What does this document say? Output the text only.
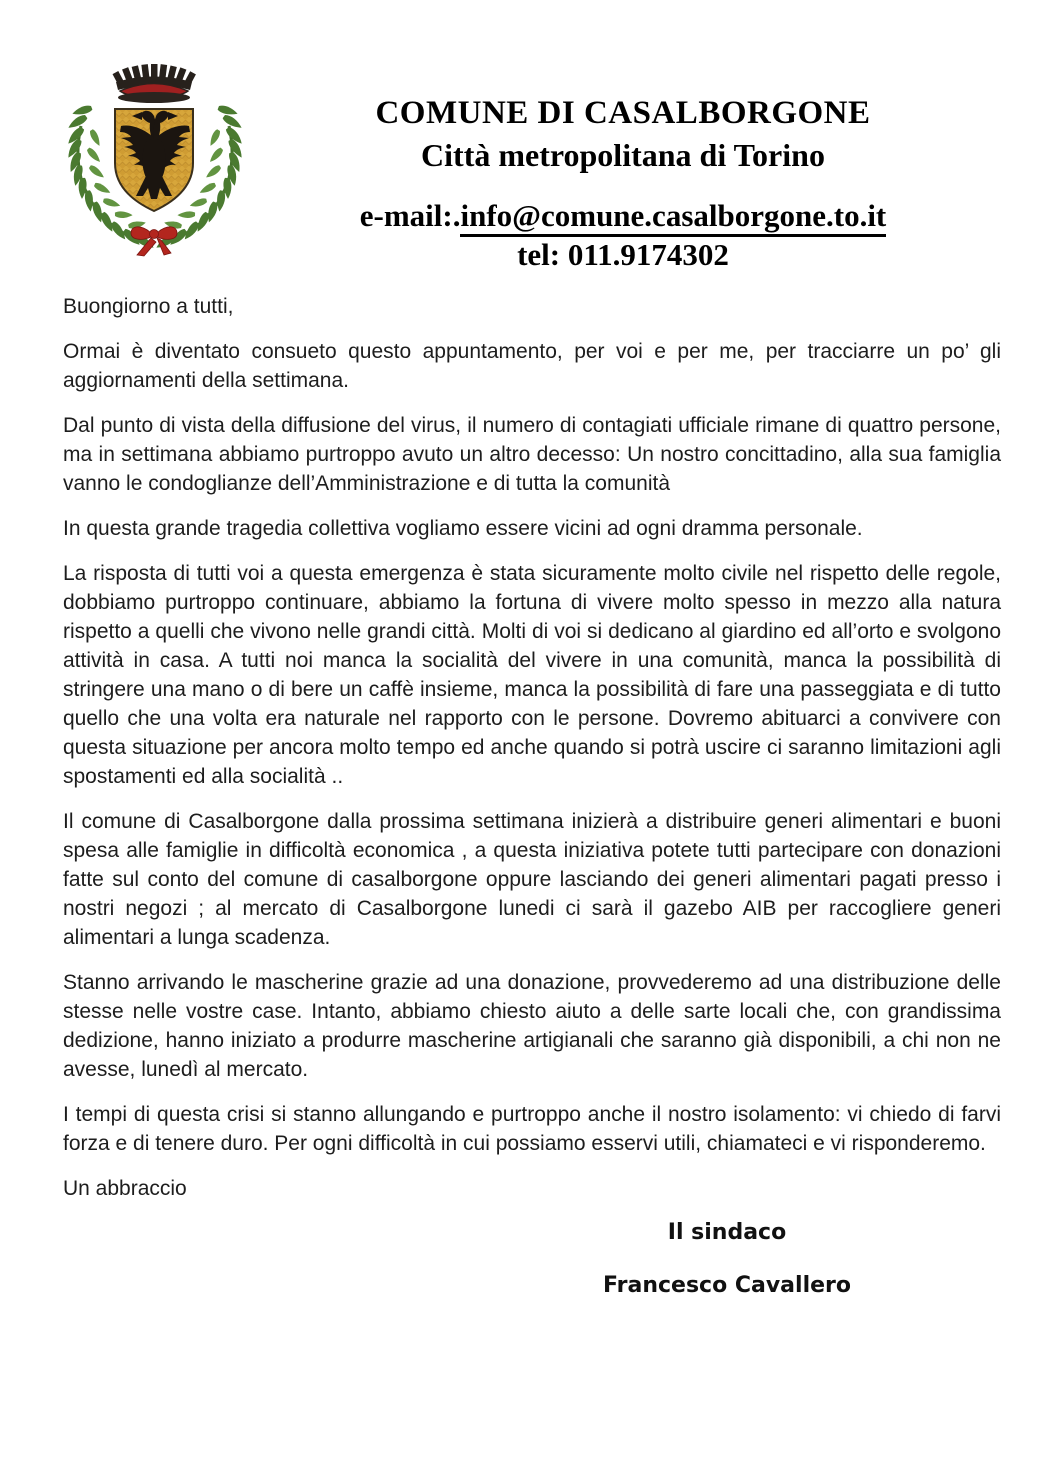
COMUNE DI CASALBORGONE
Città metropolitana di Torino
e-mail:.info@comune.casalborgone.to.it
tel: 011.9174302

Buongiorno a tutti,

Ormai è diventato consueto questo appuntamento, per voi e per me, per tracciarre un po’ gli aggiornamenti della settimana.

Dal punto di vista della diffusione del virus, il numero di contagiati ufficiale rimane di quattro persone, ma in settimana abbiamo purtroppo avuto un altro decesso: Un nostro concittadino, alla sua famiglia vanno le condoglianze dell’Amministrazione e di tutta la comunità

In questa grande tragedia collettiva vogliamo essere vicini ad ogni dramma personale.

La risposta di tutti voi a questa emergenza è stata sicuramente molto civile nel rispetto delle regole, dobbiamo purtroppo continuare, abbiamo la fortuna di vivere molto spesso in mezzo alla natura rispetto a quelli che vivono nelle grandi città. Molti di voi si dedicano al giardino ed all’orto e svolgono attività in casa. A tutti noi manca la socialità del vivere in una comunità, manca la possibilità di stringere una mano o di bere un caffè insieme, manca la possibilità di fare una passeggiata e di tutto quello che una volta era naturale nel rapporto con le persone. Dovremo abituarci a convivere con questa situazione per ancora molto tempo ed anche quando si potrà uscire ci saranno limitazioni agli spostamenti ed alla socialità ..

Il comune di Casalborgone dalla prossima settimana inizierà a distribuire generi alimentari e buoni spesa alle famiglie in difficoltà economica , a questa iniziativa potete tutti partecipare con donazioni fatte sul conto del comune di casalborgone oppure lasciando dei generi alimentari pagati presso i nostri negozi ; al mercato di Casalborgone lunedi ci sarà il gazebo AIB per raccogliere generi alimentari a lunga scadenza.

Stanno arrivando le mascherine grazie ad una donazione, provvederemo ad una distribuzione delle stesse nelle vostre case. Intanto, abbiamo chiesto aiuto a delle sarte locali che, con grandissima dedizione, hanno iniziato a produrre mascherine artigianali che saranno già disponibili, a chi non ne avesse, lunedì al mercato.

I tempi di questa crisi si stanno allungando e purtroppo anche il nostro isolamento: vi chiedo di farvi forza e di tenere duro. Per ogni difficoltà in cui possiamo esservi utili, chiamateci e vi risponderemo.

Un abbraccio

Il sindaco
Francesco Cavallero
